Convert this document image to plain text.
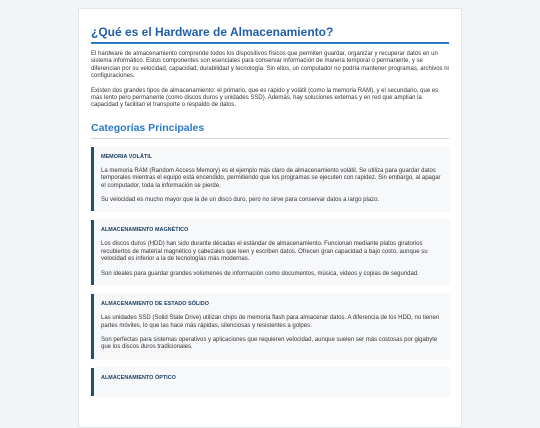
¿Qué es el Hardware de Almacenamiento?

El hardware de almacenamiento comprende todos los dispositivos físicos que permiten guardar, organizar y recuperar datos en un sistema informático. Estos componentes son esenciales para conservar información de manera temporal o permanente, y se diferencian por su velocidad, capacidad, durabilidad y tecnología. Sin ellos, un computador no podría mantener programas, archivos ni configuraciones.

Existen dos grandes tipos de almacenamiento: el primario, que es rápido y volátil (como la memoria RAM), y el secundario, que es más lento pero permanente (como discos duros y unidades SSD). Además, hay soluciones externas y en red que amplían la capacidad y facilitan el transporte o respaldo de datos.

Categorías Principales
MEMORIA VOLÁTIL

La memoria RAM (Random Access Memory) es el ejemplo más claro de almacenamiento volátil. Se utiliza para guardar datos temporales mientras el equipo está encendido, permitiendo que los programas se ejecuten con rapidez. Sin embargo, al apagar el computador, toda la información se pierde.

Su velocidad es mucho mayor que la de un disco duro, pero no sirve para conservar datos a largo plazo.

ALMACENAMIENTO MAGNÉTICO

Los discos duros (HDD) han sido durante décadas el estándar de almacenamiento. Funcionan mediante platos giratorios recubiertos de material magnético y cabezales que leen y escriben datos. Ofrecen gran capacidad a bajo costo, aunque su velocidad es inferior a la de tecnologías más modernas.

Son ideales para guardar grandes volúmenes de información como documentos, música, videos y copias de seguridad.

ALMACENAMIENTO DE ESTADO SÓLIDO

Las unidades SSD (Solid State Drive) utilizan chips de memoria flash para almacenar datos. A diferencia de los HDD, no tienen partes móviles, lo que las hace más rápidas, silenciosas y resistentes a golpes.

Son perfectas para sistemas operativos y aplicaciones que requieren velocidad, aunque suelen ser más costosas por gigabyte que los discos duros tradicionales.

ALMACENAMIENTO ÓPTICO
